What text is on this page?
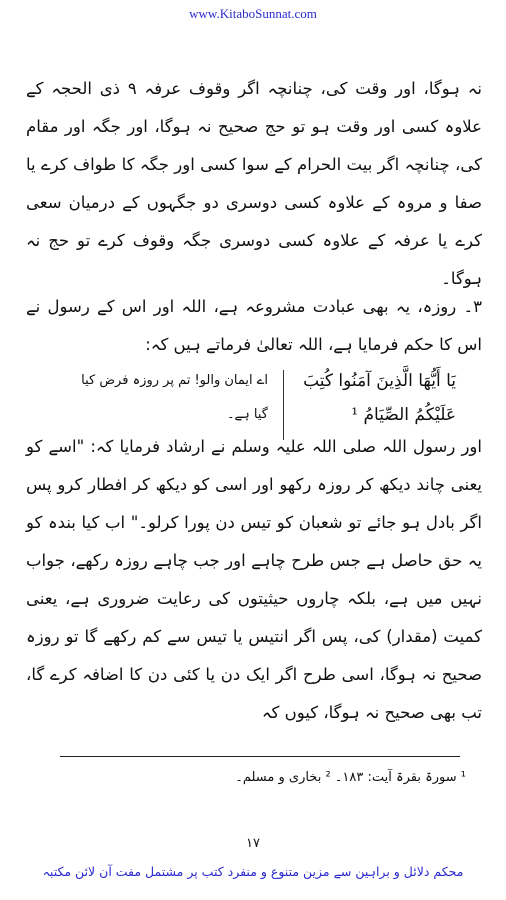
www.KitaboSunnat.com

نہ ہوگا، اور وقت کی، چنانچہ اگر وقوف عرفہ ۹ ذی الحجہ کے علاوہ کسی اور وقت ہو تو حج صحیح نہ ہوگا، اور جگہ اور مقام کی، چنانچہ اگر بیت الحرام کے سوا کسی اور جگہ کا طواف کرے یا صفا و مروہ کے علاوہ کسی دوسری دو جگہوں کے درمیان سعی کرے یا عرفہ کے علاوہ کسی دوسری جگہ وقوف کرے تو حج نہ ہوگا۔

۳۔ روزہ، یہ بھی عبادت مشروعہ ہے، اللہ اور اس کے رسول نے اس کا حکم فرمایا ہے، اللہ تعالیٰ فرماتے ہیں کہ:

يَا أَيُّهَا الَّذِينَ آمَنُوا كُتِبَ عَلَيْكُمُ الصِّيَامُ ¹
اے ایمان والو! تم پر روزہ فرض کیا گیا ہے۔

اور رسول اللہ صلی اللہ علیہ وسلم نے ارشاد فرمایا کہ: "اسے کو یعنی چاند دیکھ کر روزہ رکھو اور اسی کو دیکھ کر افطار کرو پس اگر بادل ہو جائے تو شعبان کو تیس دن پورا کرلو۔" اب کیا بندہ کو یہ حق حاصل ہے جس طرح چاہے اور جب چاہے روزہ رکھے، جواب نہیں میں ہے، بلکہ چاروں حیثیتوں کی رعایت ضروری ہے، یعنی کمیت (مقدار) کی، پس اگر انتیس یا تیس سے کم رکھے گا تو روزہ صحیح نہ ہوگا، اسی طرح اگر ایک دن یا کئی دن کا اضافہ کرے گا، تب بھی صحیح نہ ہوگا، کیوں کہ

¹ سورۃ بقرۃ آیت: ۱۸۳۔ ² بخاری و مسلم۔
١٧
محکم دلائل و براہین سے مزین متنوع و منفرد کتب پر مشتمل مفت آن لائن مکتبہ
